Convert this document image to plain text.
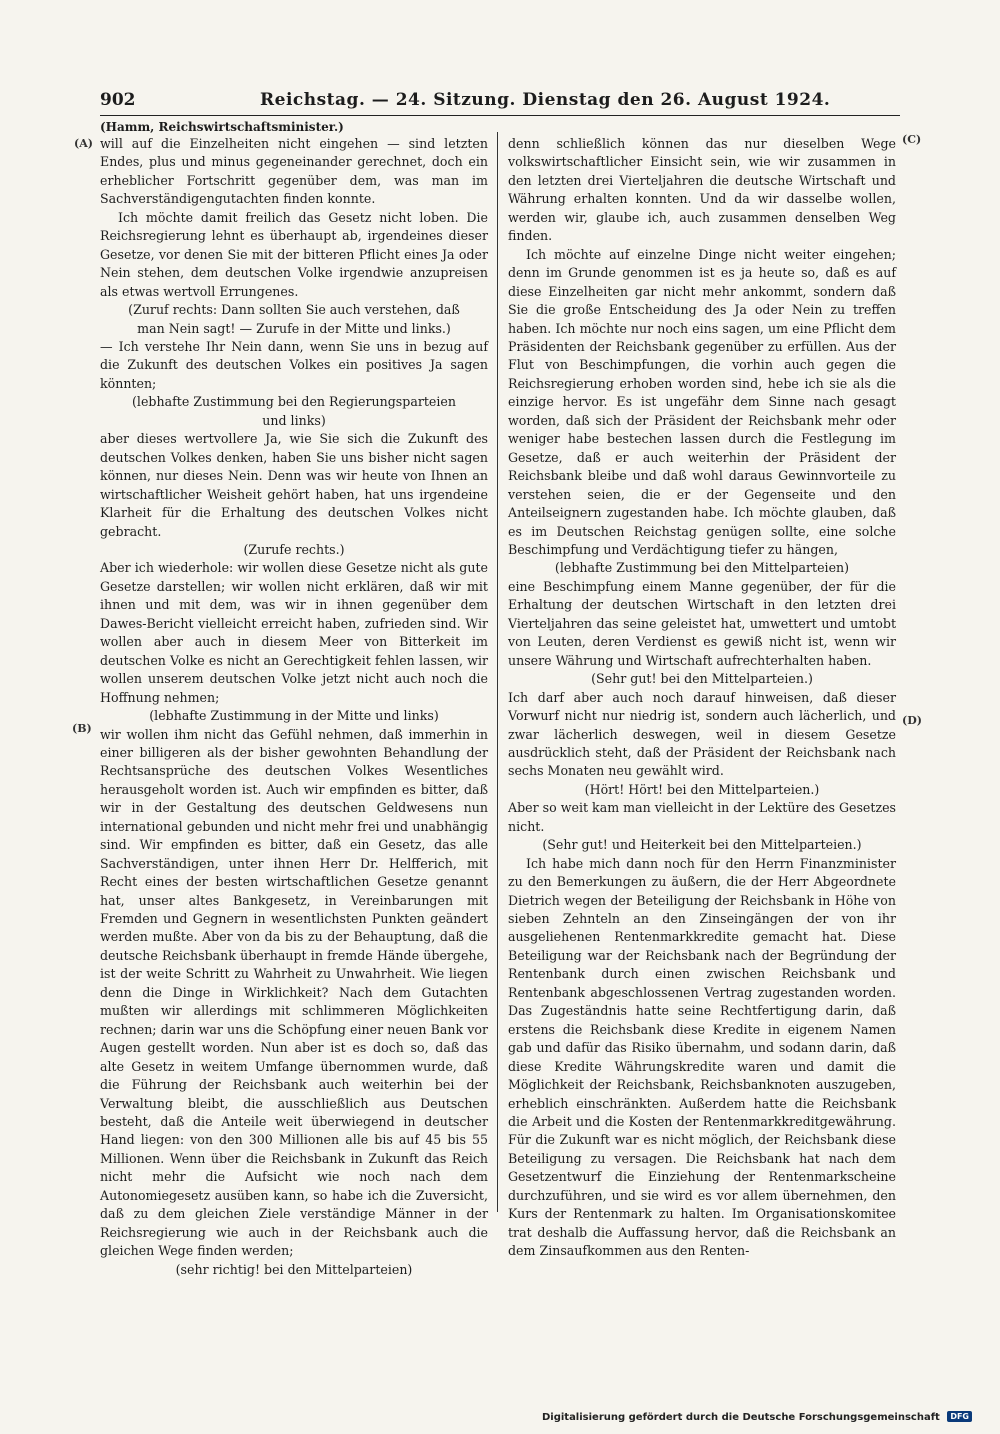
902	Reichstag. — 24. Sitzung. Dienstag den 26. August 1924.
(Hamm, Reichswirtschaftsminister.)
(A)
(B)
(C)
(D)

will auf die Einzelheiten nicht eingehen — sind letzten Endes, plus und minus gegeneinander gerechnet, doch ein erheblicher Fortschritt gegenüber dem, was man im Sachverständigengutachten finden konnte.

Ich möchte damit freilich das Gesetz nicht loben. Die Reichsregierung lehnt es überhaupt ab, irgendeines dieser Gesetze, vor denen Sie mit der bitteren Pflicht eines Ja oder Nein stehen, dem deutschen Volke irgendwie anzupreisen als etwas wertvoll Errungenes.

(Zuruf rechts: Dann sollten Sie auch verstehen, daß man Nein sagt! — Zurufe in der Mitte und links.)

— Ich verstehe Ihr Nein dann, wenn Sie uns in bezug auf die Zukunft des deutschen Volkes ein positives Ja sagen könnten;

(lebhafte Zustimmung bei den Regierungsparteien und links)

aber dieses wertvollere Ja, wie Sie sich die Zukunft des deutschen Volkes denken, haben Sie uns bisher nicht sagen können, nur dieses Nein. Denn was wir heute von Ihnen an wirtschaftlicher Weisheit gehört haben, hat uns irgendeine Klarheit für die Erhaltung des deutschen Volkes nicht gebracht.

(Zurufe rechts.)

Aber ich wiederhole: wir wollen diese Gesetze nicht als gute Gesetze darstellen; wir wollen nicht erklären, daß wir mit ihnen und mit dem, was wir in ihnen gegenüber dem Dawes-Bericht vielleicht erreicht haben, zufrieden sind. Wir wollen aber auch in diesem Meer von Bitterkeit im deutschen Volke es nicht an Gerechtigkeit fehlen lassen, wir wollen unserem deutschen Volke jetzt nicht auch noch die Hoffnung nehmen;

(lebhafte Zustimmung in der Mitte und links)

wir wollen ihm nicht das Gefühl nehmen, daß immerhin in einer billigeren als der bisher gewohnten Behandlung der Rechtsansprüche des deutschen Volkes Wesentliches herausgeholt worden ist. Auch wir empfinden es bitter, daß wir in der Gestaltung des deutschen Geldwesens nun international gebunden und nicht mehr frei und unabhängig sind. Wir empfinden es bitter, daß ein Gesetz, das alle Sachverständigen, unter ihnen Herr Dr. Helfferich, mit Recht eines der besten wirtschaftlichen Gesetze genannt hat, unser altes Bankgesetz, in Vereinbarungen mit Fremden und Gegnern in wesentlichsten Punkten geändert werden mußte. Aber von da bis zu der Behauptung, daß die deutsche Reichsbank überhaupt in fremde Hände übergehe, ist der weite Schritt zu Wahrheit zu Unwahrheit. Wie liegen denn die Dinge in Wirklichkeit? Nach dem Gutachten mußten wir allerdings mit schlimmeren Möglichkeiten rechnen; darin war uns die Schöpfung einer neuen Bank vor Augen gestellt worden. Nun aber ist es doch so, daß das alte Gesetz in weitem Umfange übernommen wurde, daß die Führung der Reichsbank auch weiterhin bei der Verwaltung bleibt, die ausschließlich aus Deutschen besteht, daß die Anteile weit überwiegend in deutscher Hand liegen: von den 300 Millionen alle bis auf 45 bis 55 Millionen. Wenn über die Reichsbank in Zukunft das Reich nicht mehr die Aufsicht wie noch nach dem Autonomiegesetz ausüben kann, so habe ich die Zuversicht, daß zu dem gleichen Ziele verständige Männer in der Reichsregierung wie auch in der Reichsbank auch die gleichen Wege finden werden;

(sehr richtig! bei den Mittelparteien)

denn schließlich können das nur dieselben Wege volkswirtschaftlicher Einsicht sein, wie wir zusammen in den letzten drei Vierteljahren die deutsche Wirtschaft und Währung erhalten konnten. Und da wir dasselbe wollen, werden wir, glaube ich, auch zusammen denselben Weg finden.

Ich möchte auf einzelne Dinge nicht weiter eingehen; denn im Grunde genommen ist es ja heute so, daß es auf diese Einzelheiten gar nicht mehr ankommt, sondern daß Sie die große Entscheidung des Ja oder Nein zu treffen haben. Ich möchte nur noch eins sagen, um eine Pflicht dem Präsidenten der Reichsbank gegenüber zu erfüllen. Aus der Flut von Beschimpfungen, die vorhin auch gegen die Reichsregierung erhoben worden sind, hebe ich sie als die einzige hervor. Es ist ungefähr dem Sinne nach gesagt worden, daß sich der Präsident der Reichsbank mehr oder weniger habe bestechen lassen durch die Festlegung im Gesetze, daß er auch weiterhin der Präsident der Reichsbank bleibe und daß wohl daraus Gewinnvorteile zu verstehen seien, die er der Gegenseite und den Anteilseignern zugestanden habe. Ich möchte glauben, daß es im Deutschen Reichstag genügen sollte, eine solche Beschimpfung und Verdächtigung tiefer zu hängen,

(lebhafte Zustimmung bei den Mittelparteien)

eine Beschimpfung einem Manne gegenüber, der für die Erhaltung der deutschen Wirtschaft in den letzten drei Vierteljahren das seine geleistet hat, umwettert und umtobt von Leuten, deren Verdienst es gewiß nicht ist, wenn wir unsere Währung und Wirtschaft aufrechterhalten haben.

(Sehr gut! bei den Mittelparteien.)

Ich darf aber auch noch darauf hinweisen, daß dieser Vorwurf nicht nur niedrig ist, sondern auch lächerlich, und zwar lächerlich deswegen, weil in diesem Gesetze ausdrücklich steht, daß der Präsident der Reichsbank nach sechs Monaten neu gewählt wird.

(Hört! Hört! bei den Mittelparteien.)

Aber so weit kam man vielleicht in der Lektüre des Gesetzes nicht.

(Sehr gut! und Heiterkeit bei den Mittelparteien.)

Ich habe mich dann noch für den Herrn Finanzminister zu den Bemerkungen zu äußern, die der Herr Abgeordnete Dietrich wegen der Beteiligung der Reichsbank in Höhe von sieben Zehnteln an den Zinseingängen der von ihr ausgeliehenen Rentenmarkkredite gemacht hat. Diese Beteiligung war der Reichsbank nach der Begründung der Rentenbank durch einen zwischen Reichsbank und Rentenbank abgeschlossenen Vertrag zugestanden worden. Das Zugeständnis hatte seine Rechtfertigung darin, daß erstens die Reichsbank diese Kredite in eigenem Namen gab und dafür das Risiko übernahm, und sodann darin, daß diese Kredite Währungskredite waren und damit die Möglichkeit der Reichsbank, Reichsbanknoten auszugeben, erheblich einschränkten. Außerdem hatte die Reichsbank die Arbeit und die Kosten der Rentenmarkkreditgewährung. Für die Zukunft war es nicht möglich, der Reichsbank diese Beteiligung zu versagen. Die Reichsbank hat nach dem Gesetzentwurf die Einziehung der Rentenmarkscheine durchzuführen, und sie wird es vor allem übernehmen, den Kurs der Rentenmark zu halten. Im Organisationskomitee trat deshalb die Auffassung hervor, daß die Reichsbank an dem Zinsaufkommen aus den Renten-

Digitalisierung gefördert durch die Deutsche Forschungsgemeinschaft DFG
